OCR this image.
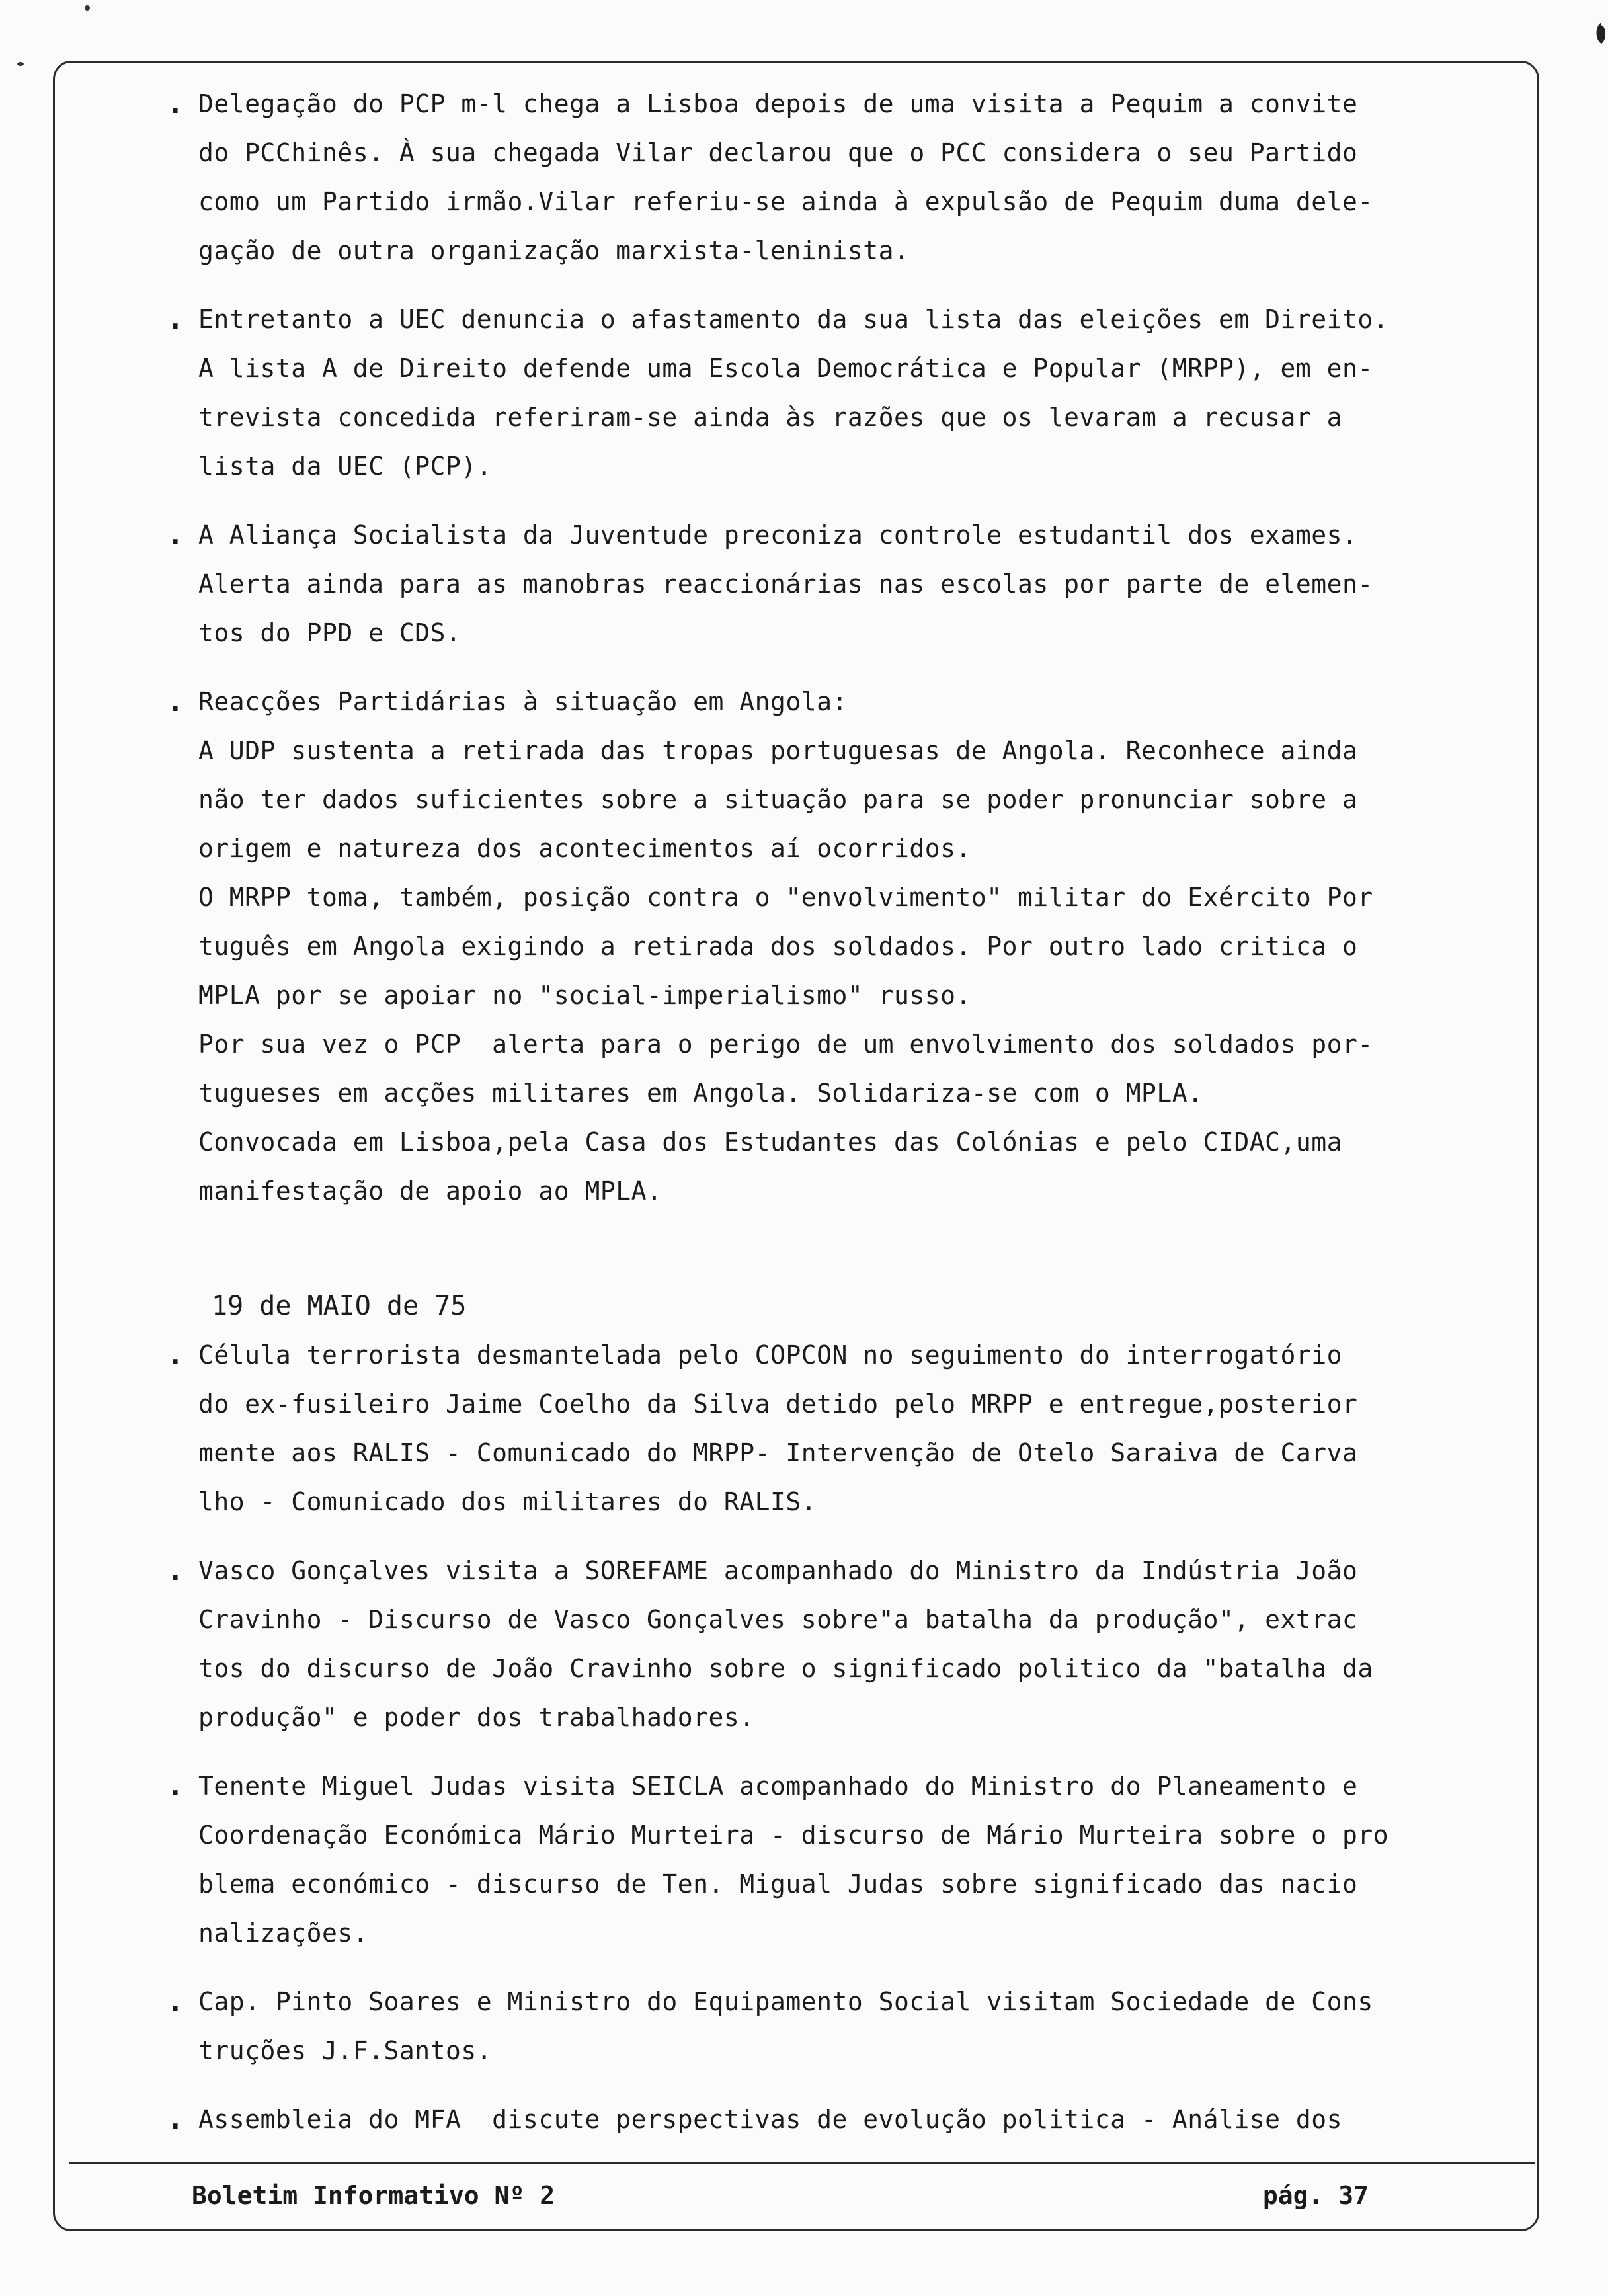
. Delegação do PCP m-l chega a Lisboa depois de uma visita a Pequim a convite

do PCChinês. À sua chegada Vilar declarou que o PCC considera o seu Partido

como um Partido irmão.Vilar referiu-se ainda à expulsão de Pequim duma dele-

gação de outra organização marxista-leninista.

. Entretanto a UEC denuncia o afastamento da sua lista das eleições em Direito.

A lista A de Direito defende uma Escola Democrática e Popular (MRPP), em en-

trevista concedida referiram-se ainda às razões que os levaram a recusar a

lista da UEC (PCP).

. A Aliança Socialista da Juventude preconiza controle estudantil dos exames.

Alerta ainda para as manobras reaccionárias nas escolas por parte de elemen-

tos do PPD e CDS.

. Reacções Partidárias à situação em Angola:

A UDP sustenta a retirada das tropas portuguesas de Angola. Reconhece ainda

não ter dados suficientes sobre a situação para se poder pronunciar sobre a

origem e natureza dos acontecimentos aí ocorridos.

O MRPP toma, também, posição contra o "envolvimento" militar do Exército Por

tuguês em Angola exigindo a retirada dos soldados. Por outro lado critica o

MPLA por se apoiar no "social-imperialismo" russo.

Por sua vez o PCP  alerta para o perigo de um envolvimento dos soldados por-

tugueses em acções militares em Angola. Solidariza-se com o MPLA.

Convocada em Lisboa,pela Casa dos Estudantes das Colónias e pelo CIDAC,uma

manifestação de apoio ao MPLA.

19 de MAIO de 75
. Célula terrorista desmantelada pelo COPCON no seguimento do interrogatório

do ex-fusileiro Jaime Coelho da Silva detido pelo MRPP e entregue,posterior

mente aos RALIS - Comunicado do MRPP- Intervenção de Otelo Saraiva de Carva

lho - Comunicado dos militares do RALIS.

. Vasco Gonçalves visita a SOREFAME acompanhado do Ministro da Indústria João

Cravinho - Discurso de Vasco Gonçalves sobre"a batalha da produção", extrac

tos do discurso de João Cravinho sobre o significado politico da "batalha da

produção" e poder dos trabalhadores.

. Tenente Miguel Judas visita SEICLA acompanhado do Ministro do Planeamento e

Coordenação Económica Mário Murteira - discurso de Mário Murteira sobre o pro

blema económico - discurso de Ten. Migual Judas sobre significado das nacio

nalizações.

. Cap. Pinto Soares e Ministro do Equipamento Social visitam Sociedade de Cons

truções J.F.Santos.

. Assembleia do MFA  discute perspectivas de evolução politica - Análise dos

Boletim Informativo Nº 2	pág. 37
